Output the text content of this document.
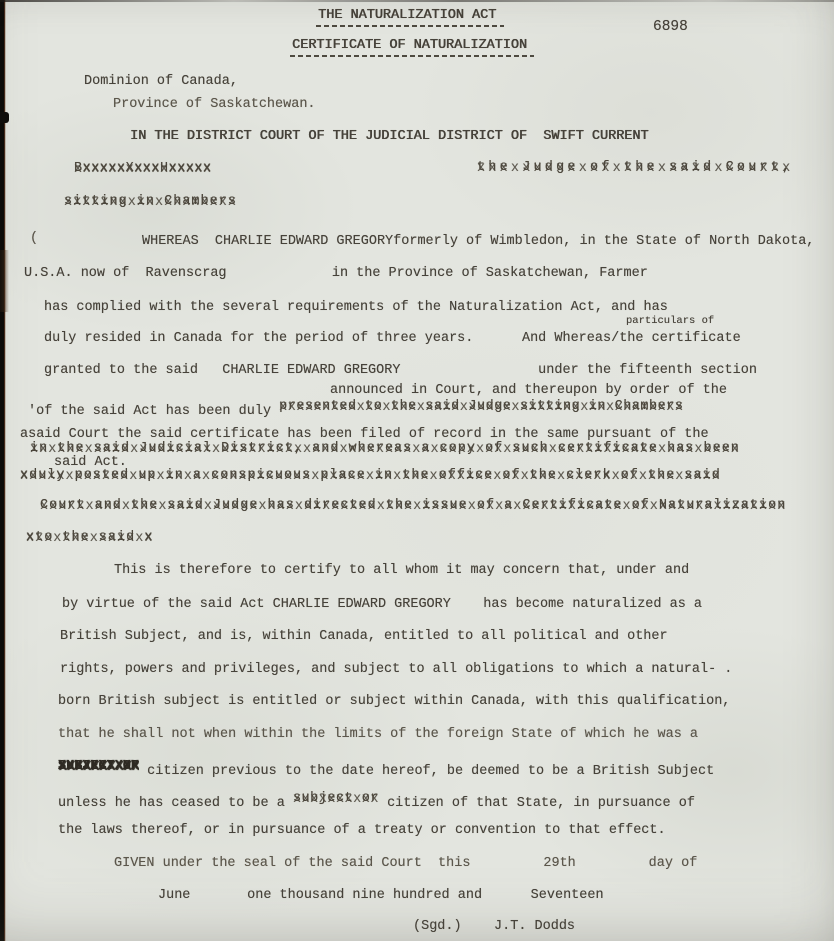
THE NATURALIZATION ACT
6898
CERTIFICATE OF NATURALIZATION
Dominion of Canada,
Province of Saskatchewan.
IN THE DISTRICT COURT OF THE JUDICIAL DISTRICT OF  SWIFT CURRENT
BxxxxxXxxxHxxxxx xxxxxxxxxxxxxxxxxxxxxxxxxxxxxxxxxxxxxxxxxxxxxxxxxxxxxxxxxxxxxxxxxxxxxxxxxxxxxxxxxxxxxxxxxxxxxxxxxxxxxxxxxxxx	the Judge of the said Court, xxxxxxxxxxxxxxxxxxxxxxxxxxxxxxxxxxxxxxxxxxxxxxxxxxxxxxxxxxxxxxxxxxxxxxxxxxxxxxxxxxxxxxxxxxxxxxxxxxxxxxxxxxxx
sitting in Chambers xxxxxxxxxxxxxxxxxxxxxxxxxxxxxxxxxxxxxxxxxxxxxxxxxxxxxxxxxxxxxxxxxxxxxxxxxxxxxxxxxxxxxxxxxxxxxxxxxxxxxxxxxxxx
(	WHEREAS  CHARLIE EDWARD GREGORYformerly of Wimbledon, in the State of North Dakota,
U.S.A. now of  Ravenscrag             in the Province of Saskatchewan, Farmer
has complied with the several requirements of the Naturalization Act, and has
particulars of
duly resided in Canada for the period of three years.      And Whereas/the certificate
granted to the said   CHARLIE EDWARD GREGORY                 under the fifteenth section
announced in Court, and thereupon by order of the
'of the said Act has been duly presented to the said Judge sitting in Chambers xxxxxxxxxxxxxxxxxxxxxxxxxxxxxxxxxxxxxxxxxxxxxxxxxxxxxxxxxxxxxxxxxxxxxxxxxxxxxxxxxxxxxxxxxxxxxxxxxxxxxxxxxxxx
asaid Court the said certificate has been filed of record in the same pursuant of the
in the said Judicial District, and whereas a copy of such certificate has been xxxxxxxxxxxxxxxxxxxxxxxxxxxxxxxxxxxxxxxxxxxxxxxxxxxxxxxxxxxxxxxxxxxxxxxxxxxxxxxxxxxxxxxxxxxxxxxxxxxxxxxxxxxx
said Act.
xduly posted up in a conspicuous place in the office of the clerk of the said xxxxxxxxxxxxxxxxxxxxxxxxxxxxxxxxxxxxxxxxxxxxxxxxxxxxxxxxxxxxxxxxxxxxxxxxxxxxxxxxxxxxxxxxxxxxxxxxxxxxxxxxxxxx
Court and the said Judge has directed the issue of a Certificate of Naturalization xxxxxxxxxxxxxxxxxxxxxxxxxxxxxxxxxxxxxxxxxxxxxxxxxxxxxxxxxxxxxxxxxxxxxxxxxxxxxxxxxxxxxxxxxxxxxxxxxxxxxxxxxxxx
xto the said x xxxxxxxxxxxxxxxxxxxxxxxxxxxxxxxxxxxxxxxxxxxxxxxxxxxxxxxxxxxxxxxxxxxxxxxxxxxxxxxxxxxxxxxxxxxxxxxxxxxxxxxxxxxx
This is therefore to certify to all whom it may concern that, under and
by virtue of the said Act CHARLIE EDWARD GREGORY    has become naturalized as a
British Subject, and is, within Canada, entitled to all political and other
rights, powers and privileges, and subject to all obligations to which a natural- .
born British subject is entitled or subject within Canada, with this qualification,
that he shall not when within the limits of the foreign State of which he was a
XXXXXXXXXXXXXXXXXXXX SUBJECT OR XXXXXXXXXXXXXXXXXXXX citizen previous to the date hereof, be deemed to be a British Subject
unless he has ceased to be a subject or xxxxxxxxxxxxxxxxxxxxxxxxxxxxxxxxxxxxxxxxxxxxxxxxxxxxxxxxxxxxxxxxxxxxxxxxxxxxxxxxxxxxxxxxxxxxxxxxxxxxxxxxxxxx citizen of that State, in pursuance of
the laws thereof, or in pursuance of a treaty or convention to that effect.
GIVEN under the seal of the said Court  this         29th         day of
June       one thousand nine hundred and      Seventeen
(Sgd.)    J.T. Dodds
